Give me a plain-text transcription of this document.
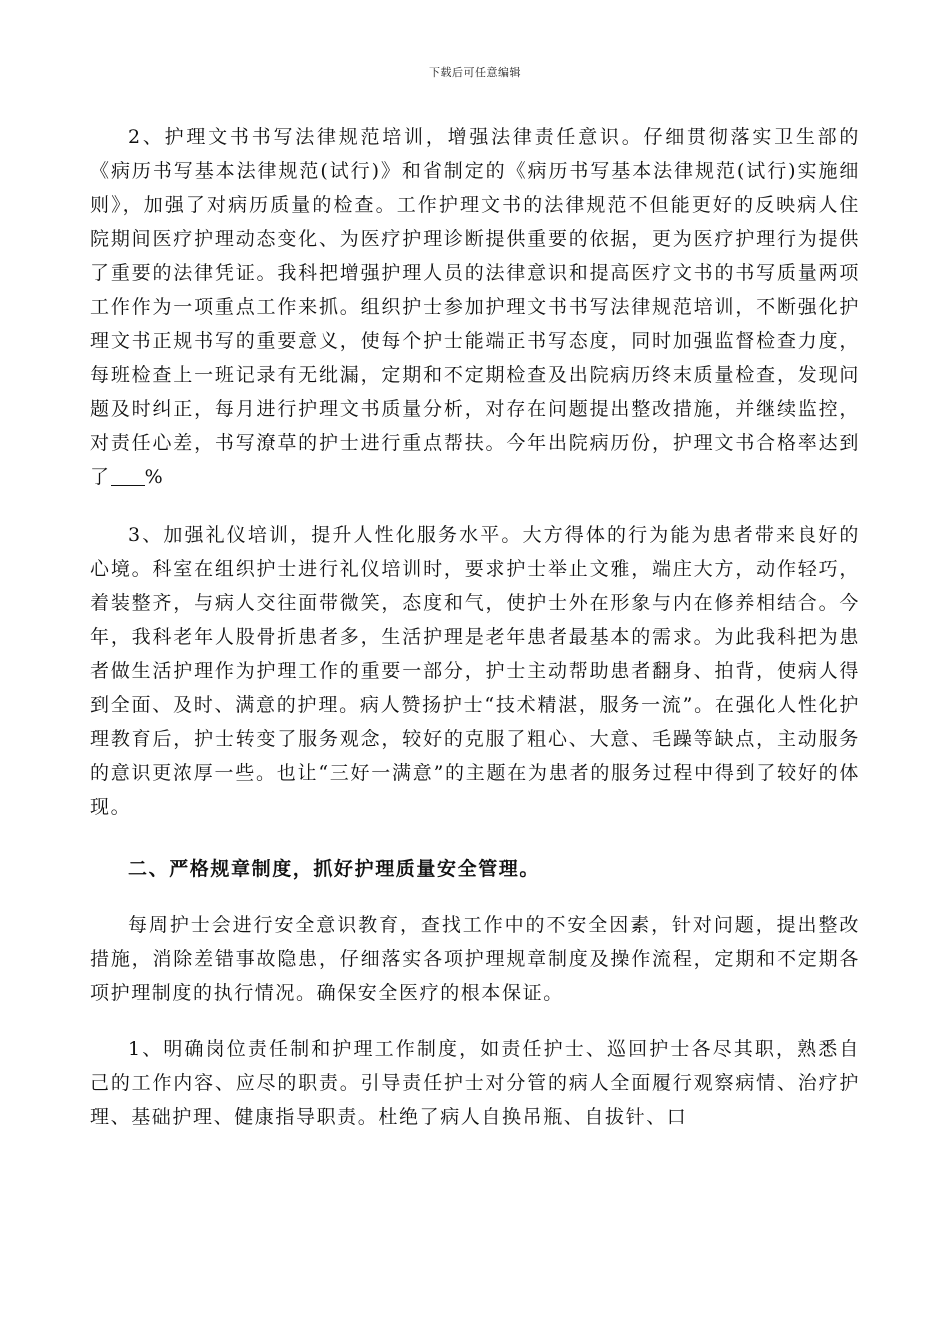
下载后可任意编辑

2、护理文书书写法律规范培训，增强法律责任意识。仔细贯彻落实卫生部的《病历书写基本法律规范(试行)》和省制定的《病历书写基本法律规范(试行)实施细则》，加强了对病历质量的检查。工作护理文书的法律规范不但能更好的反映病人住院期间医疗护理动态变化、为医疗护理诊断提供重要的依据，更为医疗护理行为提供了重要的法律凭证。我科把增强护理人员的法律意识和提高医疗文书的书写质量两项工作作为一项重点工作来抓。组织护士参加护理文书书写法律规范培训，不断强化护理文书正规书写的重要意义，使每个护士能端正书写态度，同时加强监督检查力度，每班检查上一班记录有无纰漏，定期和不定期检查及出院病历终末质量检查，发现问题及时纠正，每月进行护理文书质量分析，对存在问题提出整改措施，并继续监控，对责任心差，书写潦草的护士进行重点帮扶。今年出院病历份，护理文书合格率达到了 %

3、加强礼仪培训，提升人性化服务水平。大方得体的行为能为患者带来良好的心境。科室在组织护士进行礼仪培训时，要求护士举止文雅，端庄大方，动作轻巧，着装整齐，与病人交往面带微笑，态度和气，使护士外在形象与内在修养相结合。今年，我科老年人股骨折患者多，生活护理是老年患者最基本的需求。为此我科把为患者做生活护理作为护理工作的重要一部分，护士主动帮助患者翻身、拍背，使病人得到全面、及时、满意的护理。病人赞扬护士“技术精湛，服务一流”。在强化人性化护理教育后，护士转变了服务观念，较好的克服了粗心、大意、毛躁等缺点，主动服务的意识更浓厚一些。也让“三好一满意”的主题在为患者的服务过程中得到了较好的体现。

二、严格规章制度，抓好护理质量安全管理。

每周护士会进行安全意识教育，查找工作中的不安全因素，针对问题，提出整改措施，消除差错事故隐患，仔细落实各项护理规章制度及操作流程，定期和不定期各项护理制度的执行情况。确保安全医疗的根本保证。

1、明确岗位责任制和护理工作制度，如责任护士、巡回护士各尽其职，熟悉自己的工作内容、应尽的职责。引导责任护士对分管的病人全面履行观察病情、治疗护理、基础护理、健康指导职责。杜绝了病人自换吊瓶、自拔针、口
